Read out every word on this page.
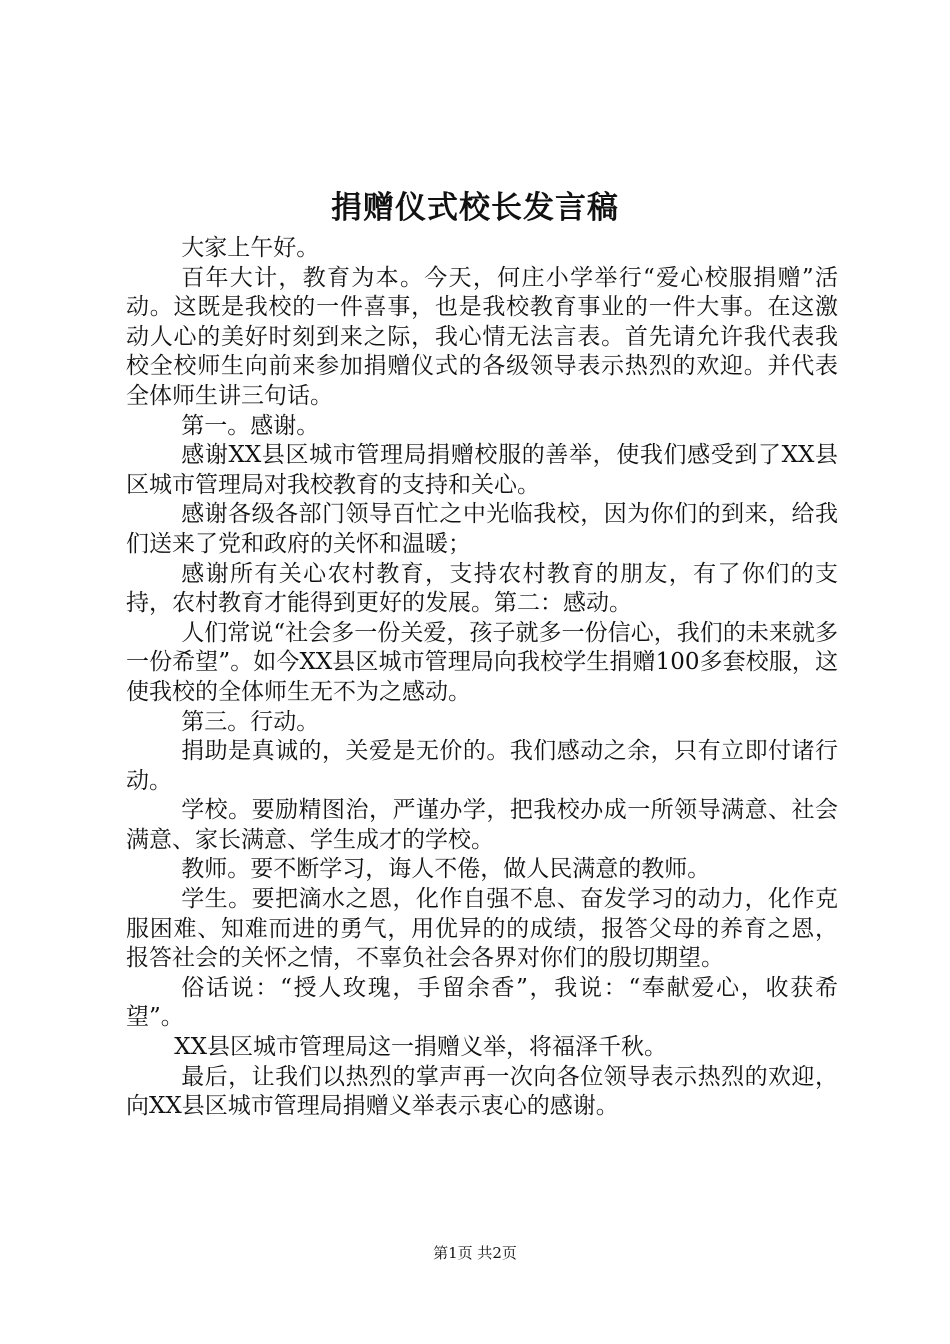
捐赠仪式校长发言稿

大家上午好。

百年大计，教育为本。今天，何庄小学举行“爱心校服捐赠”活动。这既是我校的一件喜事，也是我校教育事业的一件大事。在这激动人心的美好时刻到来之际，我心情无法言表。首先请允许我代表我校全校师生向前来参加捐赠仪式的各级领导表示热烈的欢迎。并代表全体师生讲三句话。

第一。感谢。

感谢XX县区城市管理局捐赠校服的善举，使我们感受到了XX县区城市管理局对我校教育的支持和关心。

感谢各级各部门领导百忙之中光临我校，因为你们的到来，给我们送来了党和政府的关怀和温暖；

感谢所有关心农村教育，支持农村教育的朋友，有了你们的支持，农村教育才能得到更好的发展。第二：感动。

人们常说“社会多一份关爱，孩子就多一份信心，我们的未来就多一份希望”。如今XX县区城市管理局向我校学生捐赠100多套校服，这使我校的全体师生无不为之感动。

第三。行动。

捐助是真诚的，关爱是无价的。我们感动之余，只有立即付诸行动。

学校。要励精图治，严谨办学，把我校办成一所领导满意、社会满意、家长满意、学生成才的学校。

教师。要不断学习，诲人不倦，做人民满意的教师。

学生。要把滴水之恩，化作自强不息、奋发学习的动力，化作克服困难、知难而进的勇气，用优异的的成绩，报答父母的养育之恩，报答社会的关怀之情，不辜负社会各界对你们的殷切期望。

俗话说：“授人玫瑰，手留余香”，我说：“奉献爱心，收获希望”。

XX县区城市管理局这一捐赠义举，将福泽千秋。

最后，让我们以热烈的掌声再一次向各位领导表示热烈的欢迎，向XX县区城市管理局捐赠义举表示衷心的感谢。

第1页 共2页
